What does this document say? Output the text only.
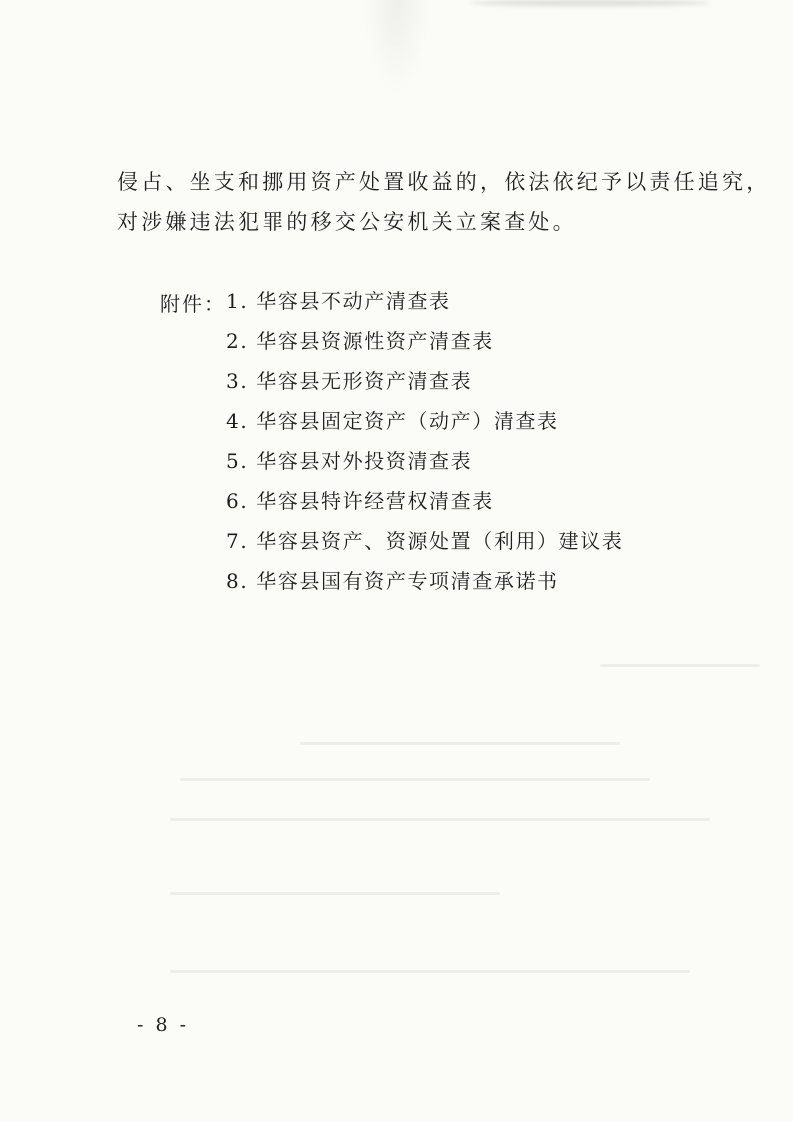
侵占、坐支和挪用资产处置收益的，依法依纪予以责任追究，
对涉嫌违法犯罪的移交公安机关立案查处。
附件： 1. 华容县不动产清查表
2. 华容县资源性资产清查表
3. 华容县无形资产清查表
4. 华容县固定资产（动产）清查表
5. 华容县对外投资清查表
6. 华容县特许经营权清查表
7. 华容县资产、资源处置（利用）建议表
8. 华容县国有资产专项清查承诺书
- 8 -
